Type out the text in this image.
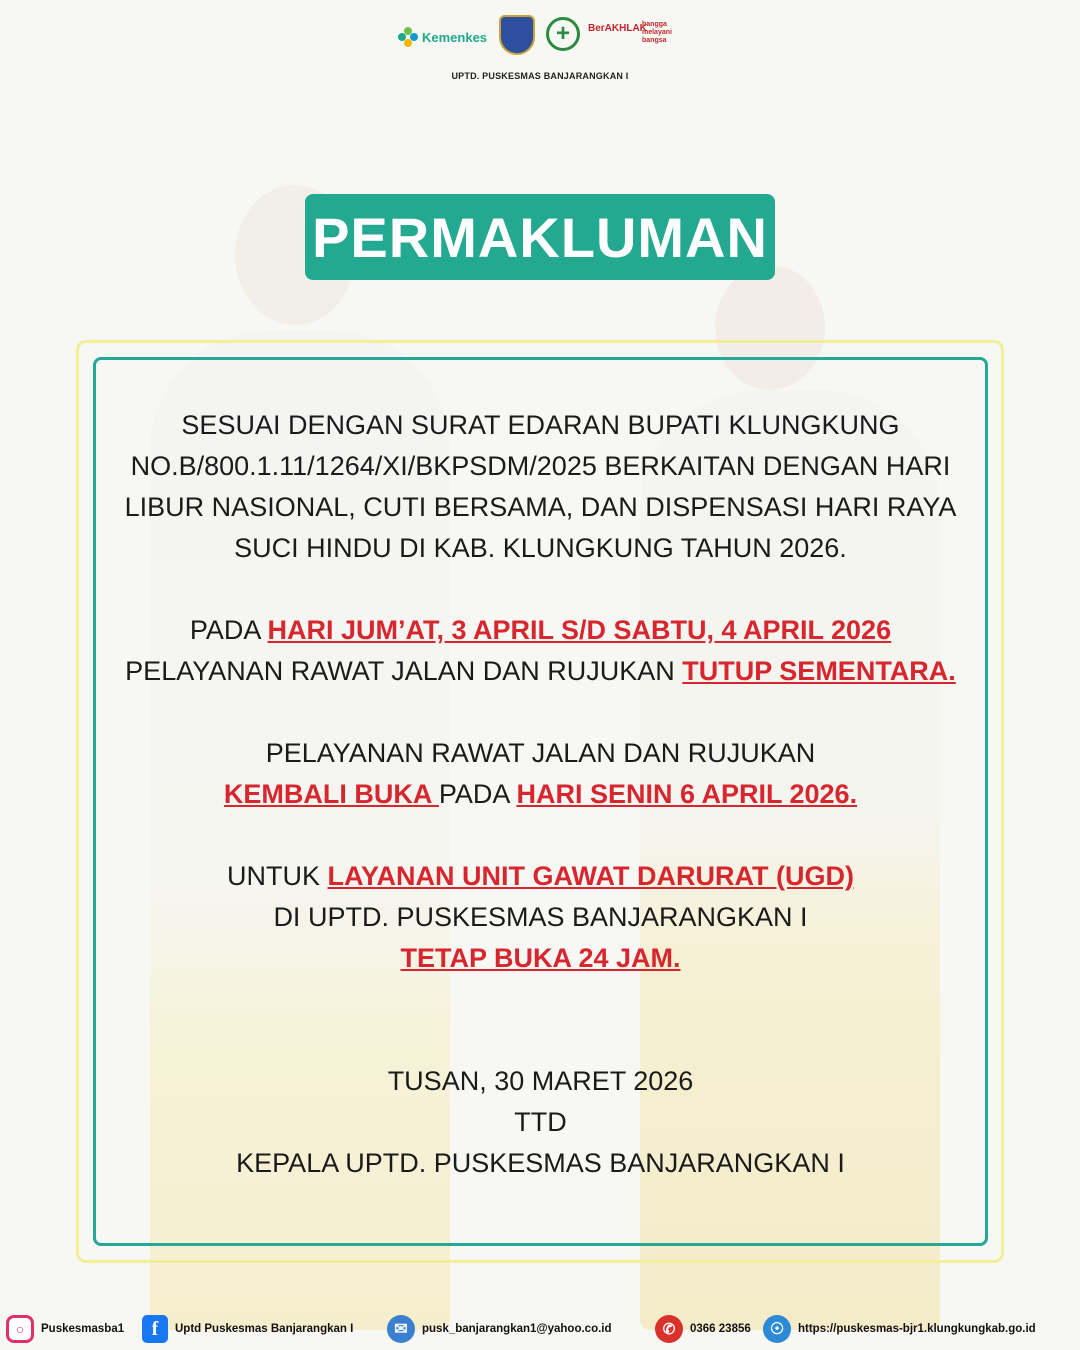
Kemenkes	+	BerAKHLAK
bangga melayani bangsa
UPTD. PUSKESMAS BANJARANGKAN I
PERMAKLUMAN

SESUAI DENGAN SURAT EDARAN BUPATI KLUNGKUNG

NO.B/800.1.11/1264/XI/BKPSDM/2025 BERKAITAN DENGAN HARI

LIBUR NASIONAL, CUTI BERSAMA, DAN DISPENSASI HARI RAYA

SUCI HINDU DI KAB. KLUNGKUNG TAHUN 2026.

PADA HARI JUM’AT, 3 APRIL S/D SABTU, 4 APRIL 2026

PELAYANAN RAWAT JALAN DAN RUJUKAN TUTUP SEMENTARA.

PELAYANAN RAWAT JALAN DAN RUJUKAN

KEMBALI BUKA PADA HARI SENIN 6 APRIL 2026.

UNTUK LAYANAN UNIT GAWAT DARURAT (UGD)

DI UPTD. PUSKESMAS BANJARANGKAN I

TETAP BUKA 24 JAM.

TUSAN, 30 MARET 2026

TTD

KEPALA UPTD. PUSKESMAS BANJARANGKAN I

○	Puskesmasba1	f	Uptd Puskesmas Banjarangkan I	✉	pusk_banjarangkan1@yahoo.co.id	✆	0366 23856	☉	https://puskesmas-bjr1.klungkungkab.go.id
